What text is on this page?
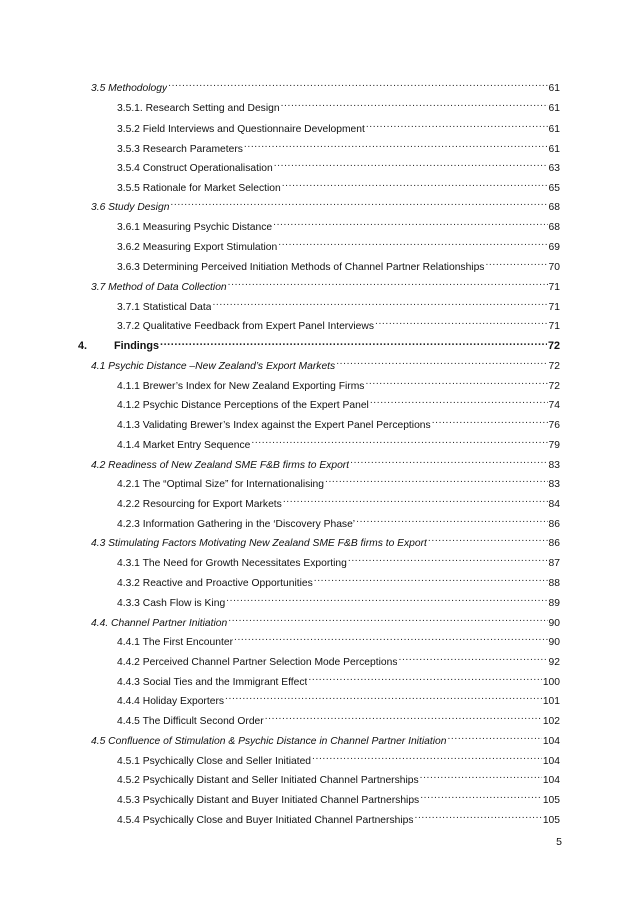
3.5 Methodology .....	61
3.5.1. Research Setting and Design .....	61
3.5.2 Field Interviews and Questionnaire Development .....	61
3.5.3 Research Parameters .....	61
3.5.4 Construct Operationalisation .....	63
3.5.5 Rationale for Market Selection .....	65
3.6 Study Design .....	68
3.6.1 Measuring Psychic Distance .....	68
3.6.2 Measuring Export Stimulation .....	69
3.6.3 Determining Perceived Initiation Methods of Channel Partner Relationships .....	70
3.7 Method of Data Collection .....	71
3.7.1 Statistical Data .....	71
3.7.2 Qualitative Feedback from Expert Panel Interviews .....	71
4. Findings .....	72
4.1 Psychic Distance –New Zealand’s Export Markets .....	72
4.1.1 Brewer’s Index for New Zealand Exporting Firms .....	72
4.1.2 Psychic Distance Perceptions of the Expert Panel .....	74
4.1.3 Validating Brewer’s Index against the Expert Panel Perceptions .....	76
4.1.4 Market Entry Sequence .....	79
4.2 Readiness of New Zealand SME F&B firms to Export .....	83
4.2.1 The “Optimal Size” for Internationalising .....	83
4.2.2 Resourcing for Export Markets .....	84
4.2.3 Information Gathering in the ‘Discovery Phase’ .....	86
4.3 Stimulating Factors Motivating New Zealand SME F&B firms to Export .....	86
4.3.1 The Need for Growth Necessitates Exporting .....	87
4.3.2 Reactive and Proactive Opportunities .....	88
4.3.3 Cash Flow is King .....	89
4.4. Channel Partner Initiation .....	90
4.4.1 The First Encounter .....	90
4.4.2 Perceived Channel Partner Selection Mode Perceptions .....	92
4.4.3 Social Ties and the Immigrant Effect .....	100
4.4.4 Holiday Exporters .....	101
4.4.5 The Difficult Second Order .....	102
4.5 Confluence of Stimulation & Psychic Distance in Channel Partner Initiation .....	104
4.5.1 Psychically Close and Seller Initiated .....	104
4.5.2 Psychically Distant and Seller Initiated Channel Partnerships .....	104
4.5.3 Psychically Distant and Buyer Initiated Channel Partnerships .....	105
4.5.4 Psychically Close and Buyer Initiated Channel Partnerships .....	105
5
